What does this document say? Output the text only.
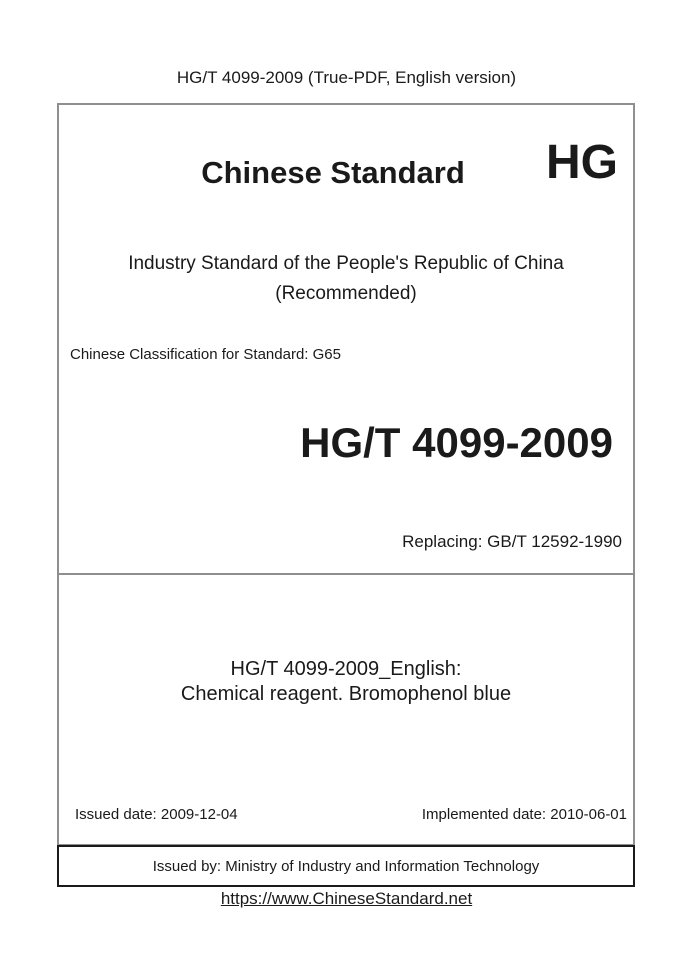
HG/T 4099-2009 (True-PDF, English version)
Chinese Standard	HG
Industry Standard of the People's Republic of China
(Recommended)
Chinese Classification for Standard: G65
HG/T 4099-2009
Replacing: GB/T 12592-1990
HG/T 4099-2009_English:
Chemical reagent. Bromophenol blue
Issued date: 2009-12-04	Implemented date: 2010-06-01
Issued by: Ministry of Industry and Information Technology
https://www.ChineseStandard.net
